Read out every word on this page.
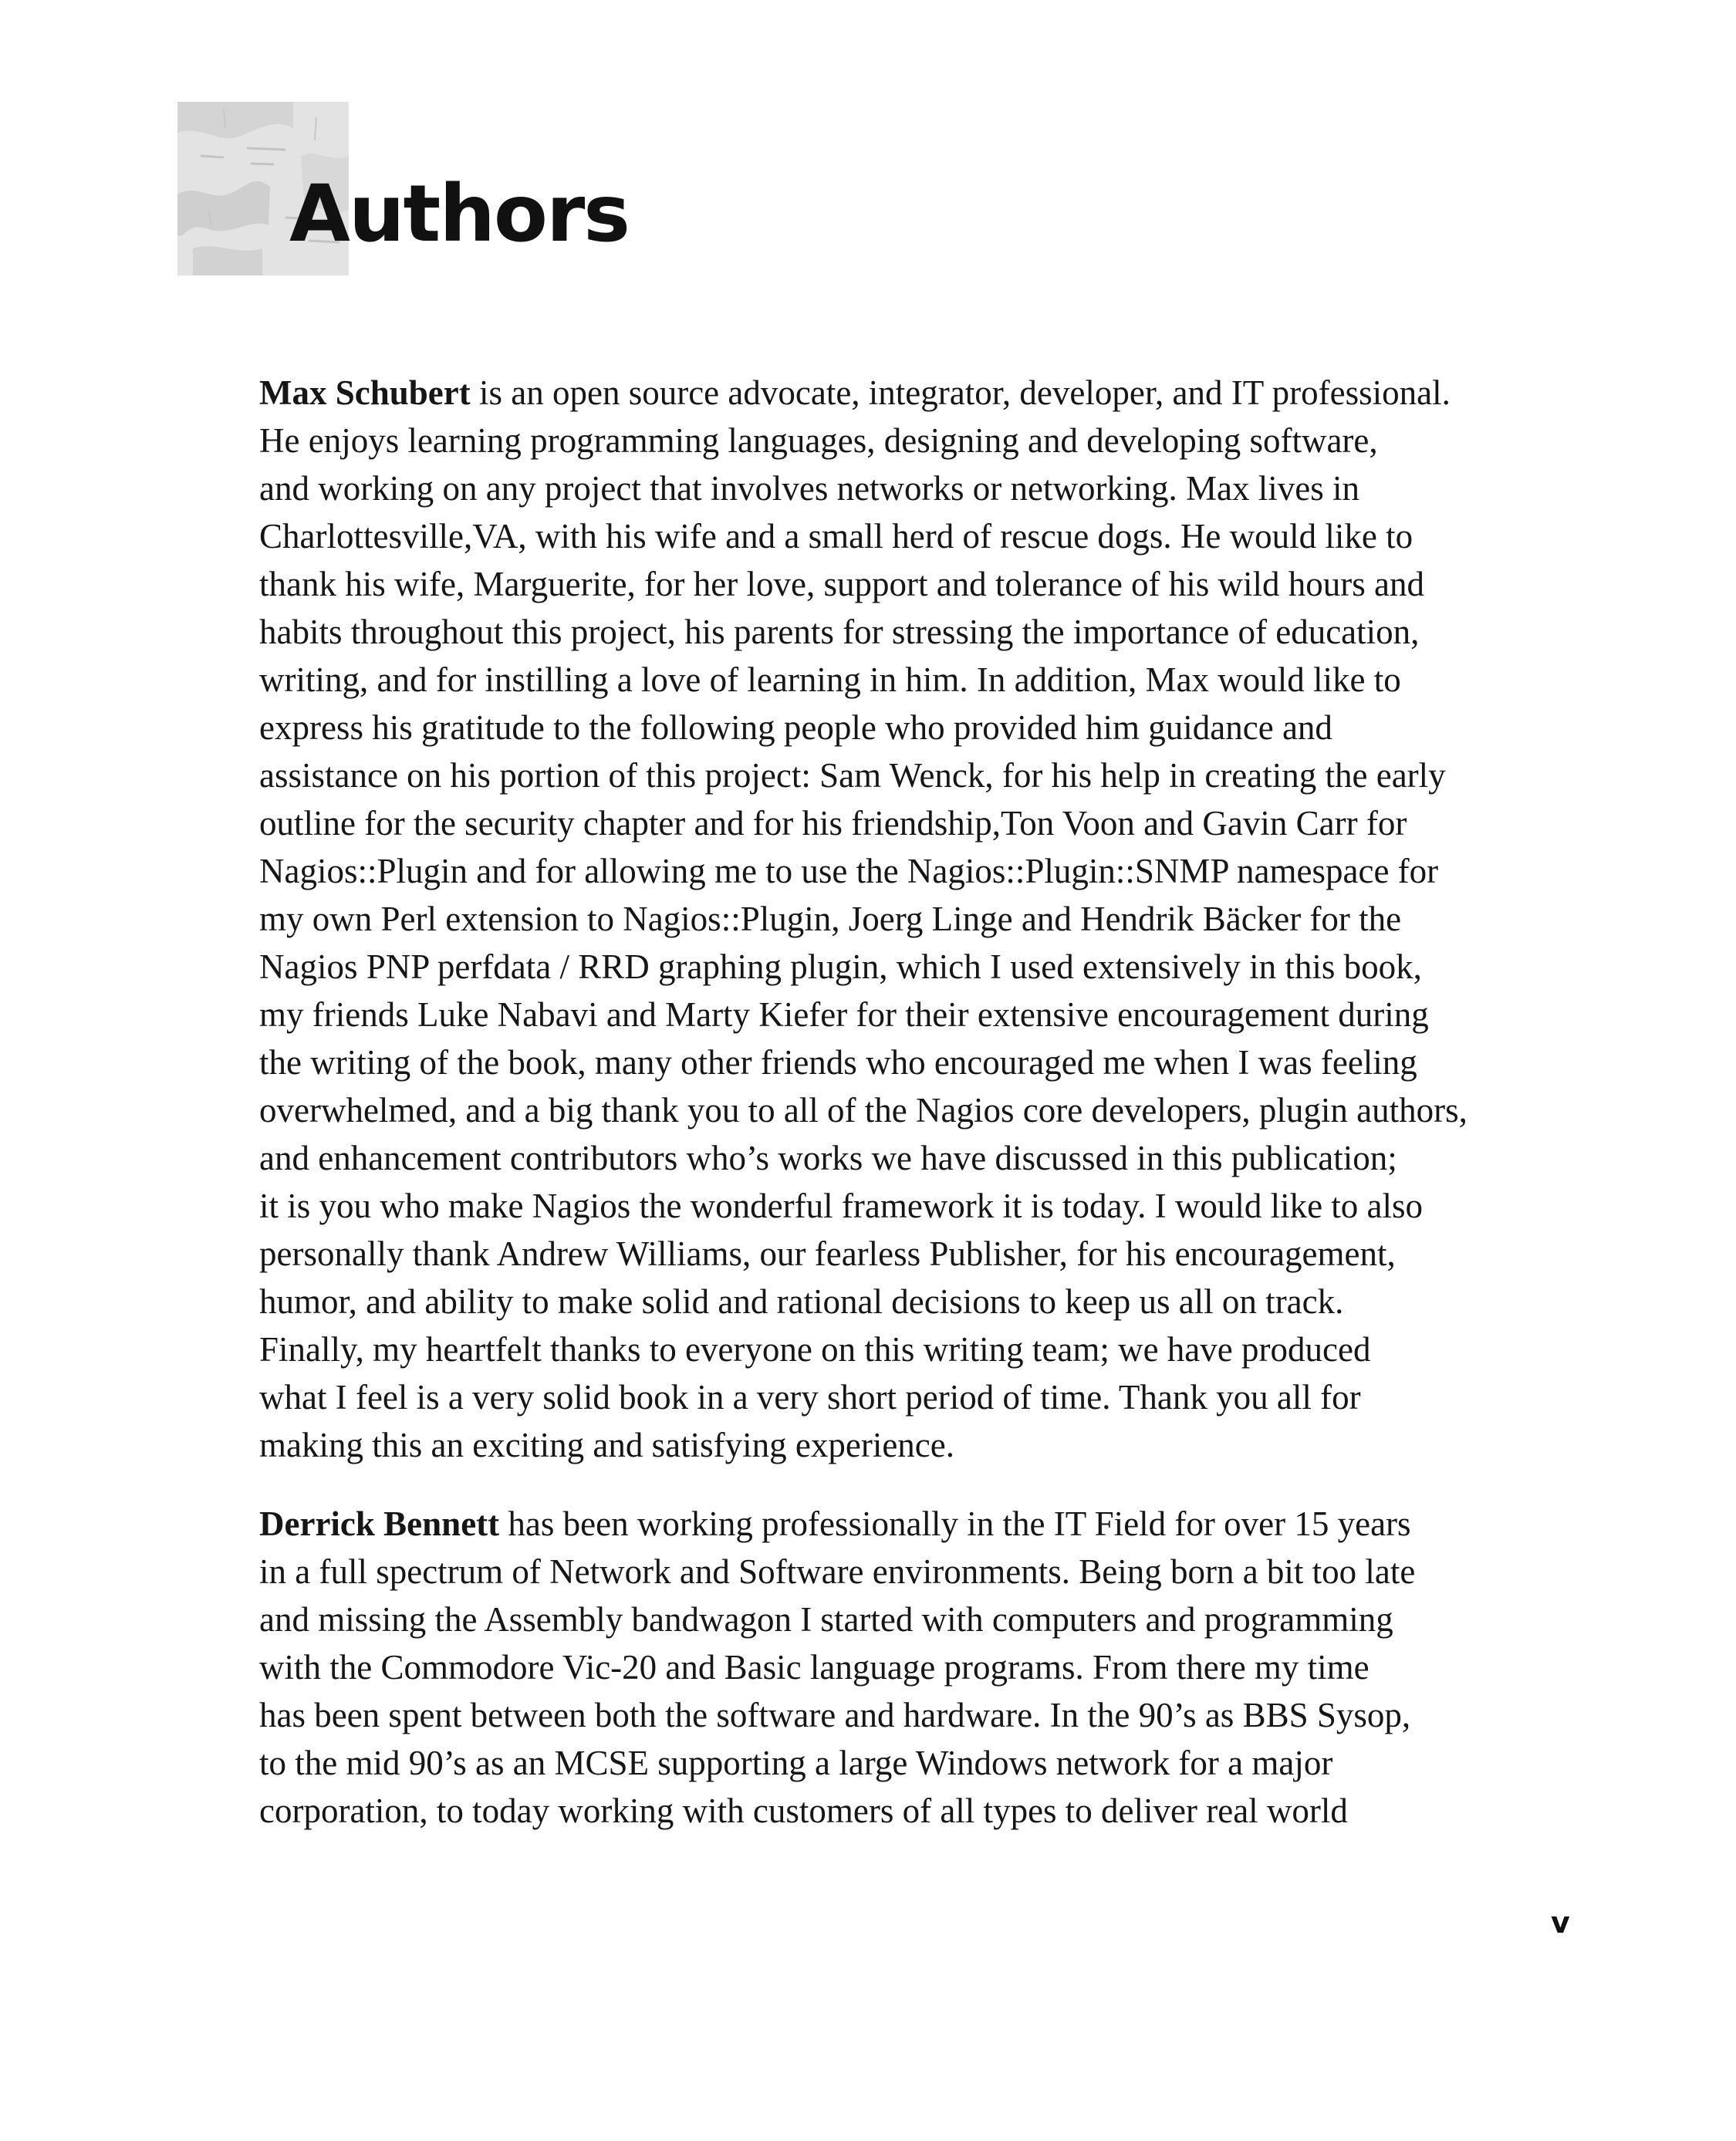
Authors

Max Schubert is an open source advocate, integrator, developer, and IT professional.
He enjoys learning programming languages, designing and developing software,
and working on any project that involves networks or networking. Max lives in
Charlottesville,VA, with his wife and a small herd of rescue dogs. He would like to
thank his wife, Marguerite, for her love, support and tolerance of his wild hours and
habits throughout this project, his parents for stressing the importance of education,
writing, and for instilling a love of learning in him. In addition, Max would like to
express his gratitude to the following people who provided him guidance and
assistance on his portion of this project: Sam Wenck, for his help in creating the early
outline for the security chapter and for his friendship,Ton Voon and Gavin Carr for
Nagios::Plugin and for allowing me to use the Nagios::Plugin::SNMP namespace for
my own Perl extension to Nagios::Plugin, Joerg Linge and Hendrik Bäcker for the
Nagios PNP perfdata / RRD graphing plugin, which I used extensively in this book,
my friends Luke Nabavi and Marty Kiefer for their extensive encouragement during
the writing of the book, many other friends who encouraged me when I was feeling
overwhelmed, and a big thank you to all of the Nagios core developers, plugin authors,
and enhancement contributors who’s works we have discussed in this publication;
it is you who make Nagios the wonderful framework it is today. I would like to also
personally thank Andrew Williams, our fearless Publisher, for his encouragement,
humor, and ability to make solid and rational decisions to keep us all on track.
Finally, my heartfelt thanks to everyone on this writing team; we have produced
what I feel is a very solid book in a very short period of time. Thank you all for
making this an exciting and satisfying experience.

Derrick Bennett has been working professionally in the IT Field for over 15 years
in a full spectrum of Network and Software environments. Being born a bit too late
and missing the Assembly bandwagon I started with computers and programming
with the Commodore Vic-20 and Basic language programs. From there my time
has been spent between both the software and hardware. In the 90’s as BBS Sysop,
to the mid 90’s as an MCSE supporting a large Windows network for a major
corporation, to today working with customers of all types to deliver real world

v
